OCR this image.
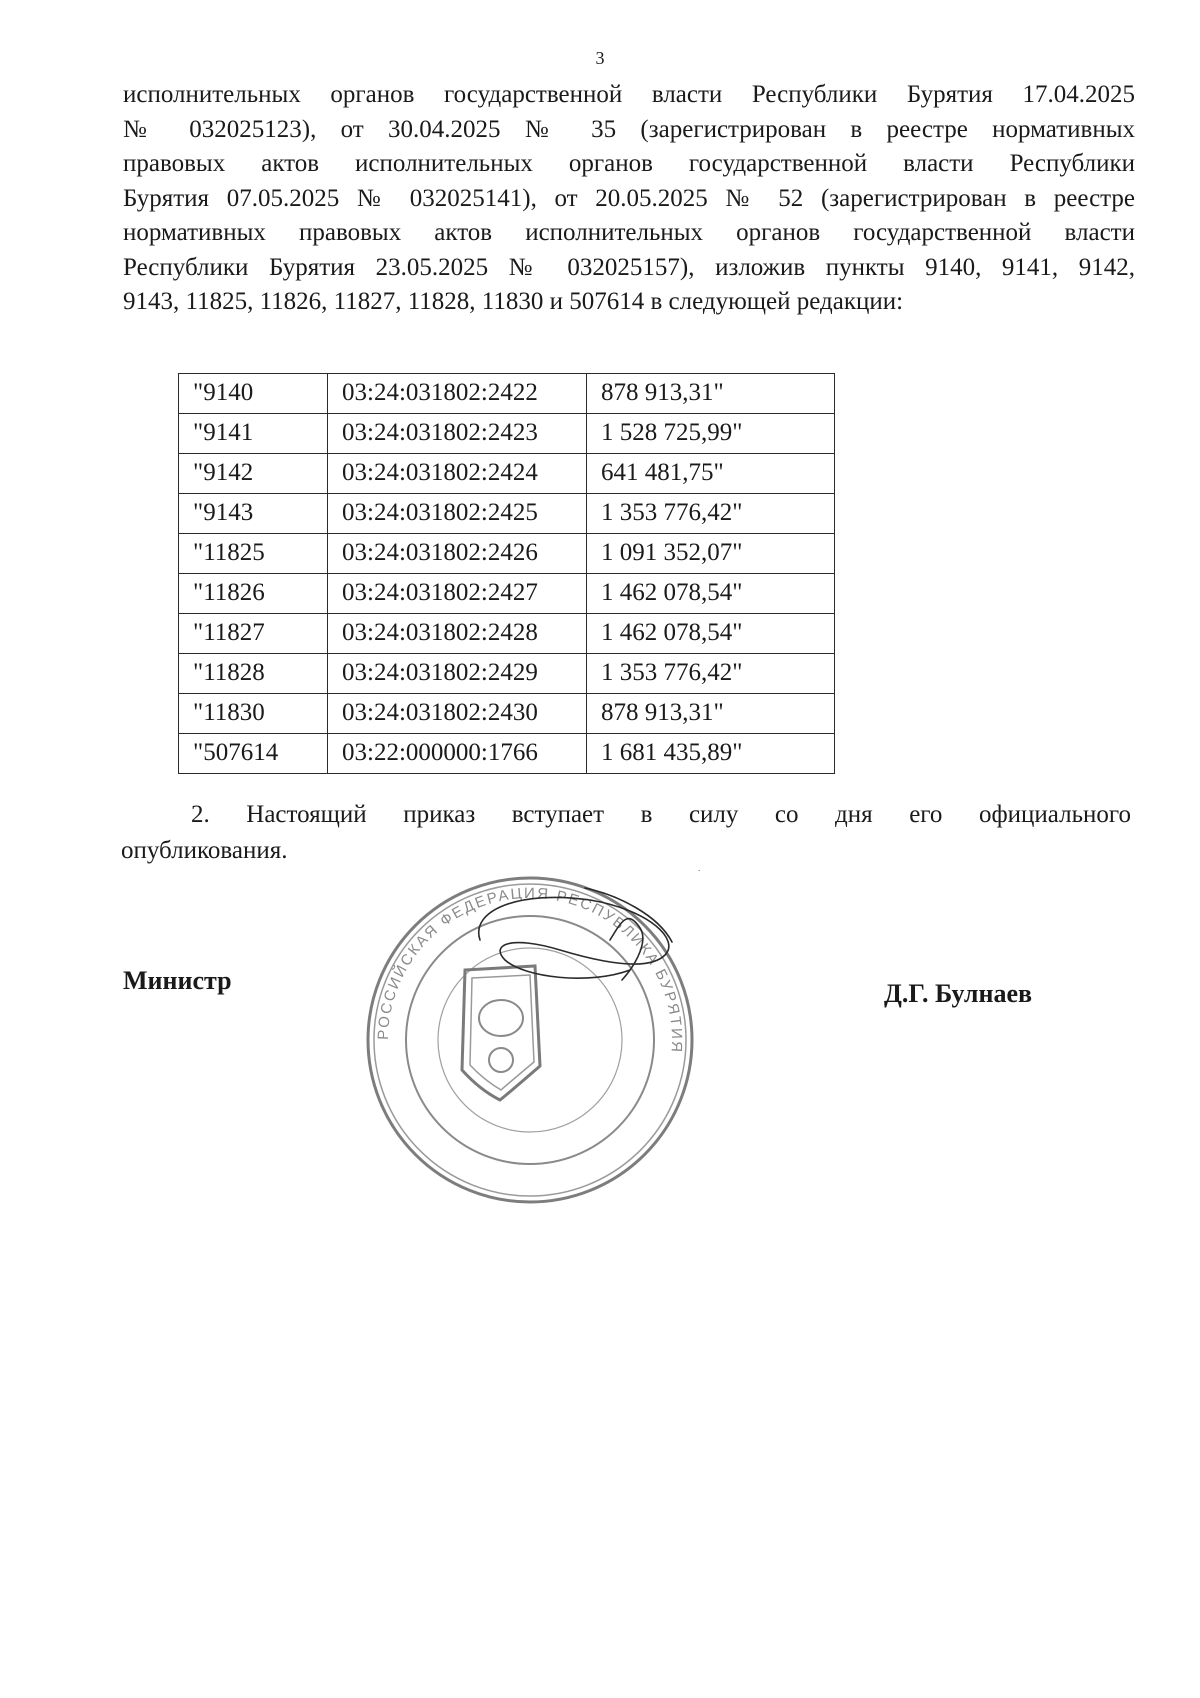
3
исполнительных органов государственной власти Республики Бурятия 17.04.2025
№ 032025123), от 30.04.2025 № 35 (зарегистрирован в реестре нормативных
правовых актов исполнительных органов государственной власти Республики
Бурятия 07.05.2025 № 032025141), от 20.05.2025 № 52 (зарегистрирован в реестре
нормативных правовых актов исполнительных органов государственной власти
Республики Бурятия 23.05.2025 № 032025157), изложив пункты 9140, 9141, 9142,
9143, 11825, 11826, 11827, 11828, 11830 и 507614 в следующей редакции:
"9140	03:24:031802:2422	878 913,31"
"9141	03:24:031802:2423	1 528 725,99"
"9142	03:24:031802:2424	641 481,75"
"9143	03:24:031802:2425	1 353 776,42"
"11825	03:24:031802:2426	1 091 352,07"
"11826	03:24:031802:2427	1 462 078,54"
"11827	03:24:031802:2428	1 462 078,54"
"11828	03:24:031802:2429	1 353 776,42"
"11830	03:24:031802:2430	878 913,31"
"507614	03:22:000000:1766	1 681 435,89"
2. Настоящий приказ вступает в силу со дня его официального
опубликования.
Министр
РОССИЙСКАЯ ФЕДЕРАЦИЯ РЕСПУБЛИКА БУРЯТИЯ
Д.Г. Булнаев
